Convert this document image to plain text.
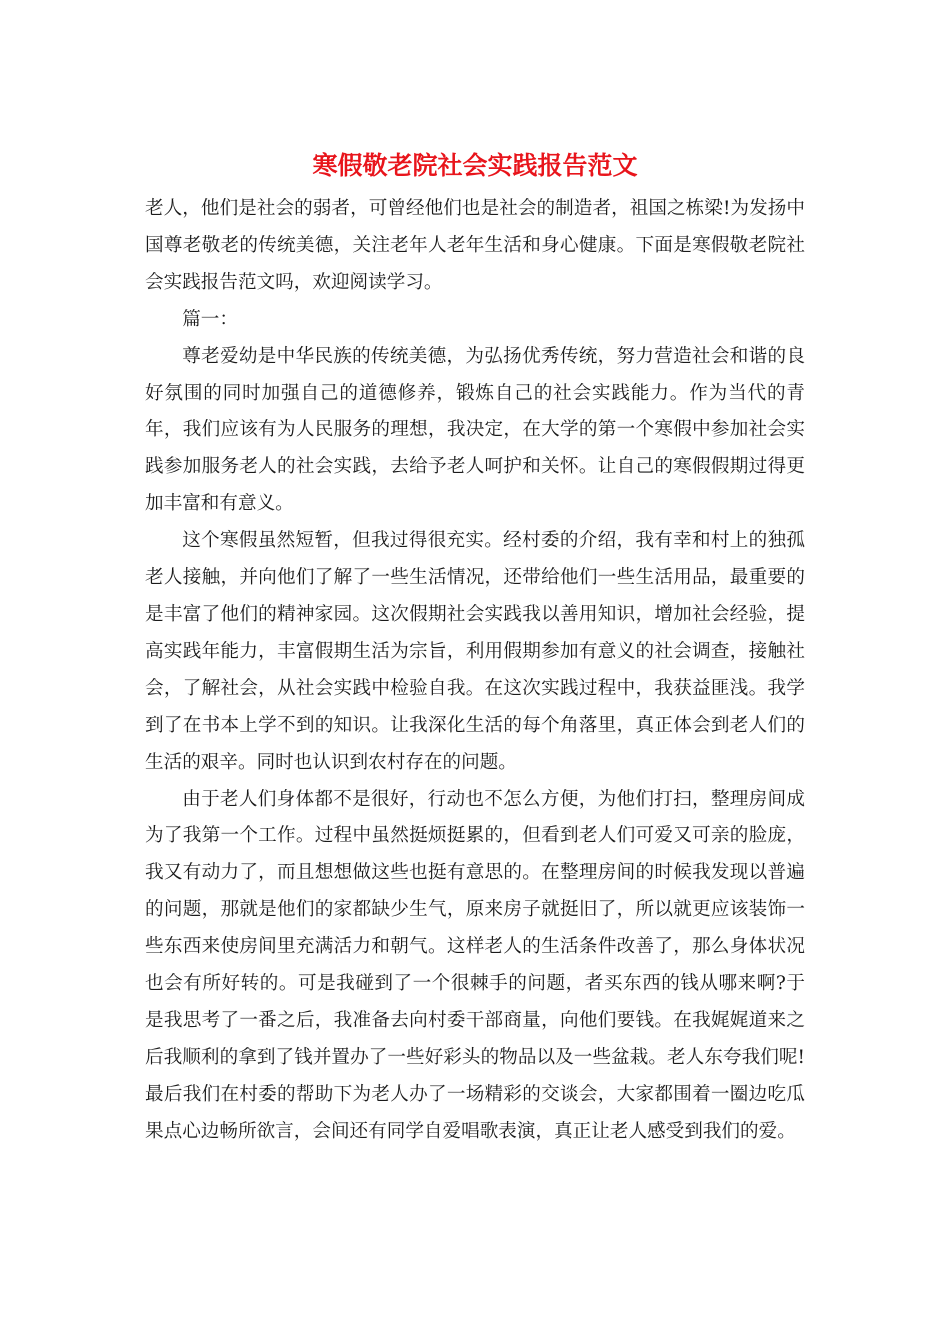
寒假敬老院社会实践报告范文

老人，他们是社会的弱者，可曾经他们也是社会的制造者，祖国之栋梁!为发扬中国尊老敬老的传统美德，关注老年人老年生活和身心健康。下面是寒假敬老院社会实践报告范文吗，欢迎阅读学习。

篇一：

尊老爱幼是中华民族的传统美德，为弘扬优秀传统，努力营造社会和谐的良好氛围的同时加强自己的道德修养，锻炼自己的社会实践能力。作为当代的青年，我们应该有为人民服务的理想，我决定，在大学的第一个寒假中参加社会实践参加服务老人的社会实践，去给予老人呵护和关怀。让自己的寒假假期过得更加丰富和有意义。

这个寒假虽然短暂，但我过得很充实。经村委的介绍，我有幸和村上的独孤老人接触，并向他们了解了一些生活情况，还带给他们一些生活用品，最重要的是丰富了他们的精神家园。这次假期社会实践我以善用知识，增加社会经验，提高实践年能力，丰富假期生活为宗旨，利用假期参加有意义的社会调查，接触社会，了解社会，从社会实践中检验自我。在这次实践过程中，我获益匪浅。我学到了在书本上学不到的知识。让我深化生活的每个角落里，真正体会到老人们的生活的艰辛。同时也认识到农村存在的问题。

由于老人们身体都不是很好，行动也不怎么方便，为他们打扫，整理房间成为了我第一个工作。过程中虽然挺烦挺累的，但看到老人们可爱又可亲的脸庞，我又有动力了，而且想想做这些也挺有意思的。在整理房间的时候我发现以普遍的问题，那就是他们的家都缺少生气，原来房子就挺旧了，所以就更应该装饰一些东西来使房间里充满活力和朝气。这样老人的生活条件改善了，那么身体状况也会有所好转的。可是我碰到了一个很棘手的问题，者买东西的钱从哪来啊?于是我思考了一番之后，我准备去向村委干部商量，向他们要钱。在我娓娓道来之后我顺利的拿到了钱并置办了一些好彩头的物品以及一些盆栽。老人东夸我们呢!最后我们在村委的帮助下为老人办了一场精彩的交谈会，大家都围着一圈边吃瓜果点心边畅所欲言，会间还有同学自爱唱歌表演，真正让老人感受到我们的爱。
